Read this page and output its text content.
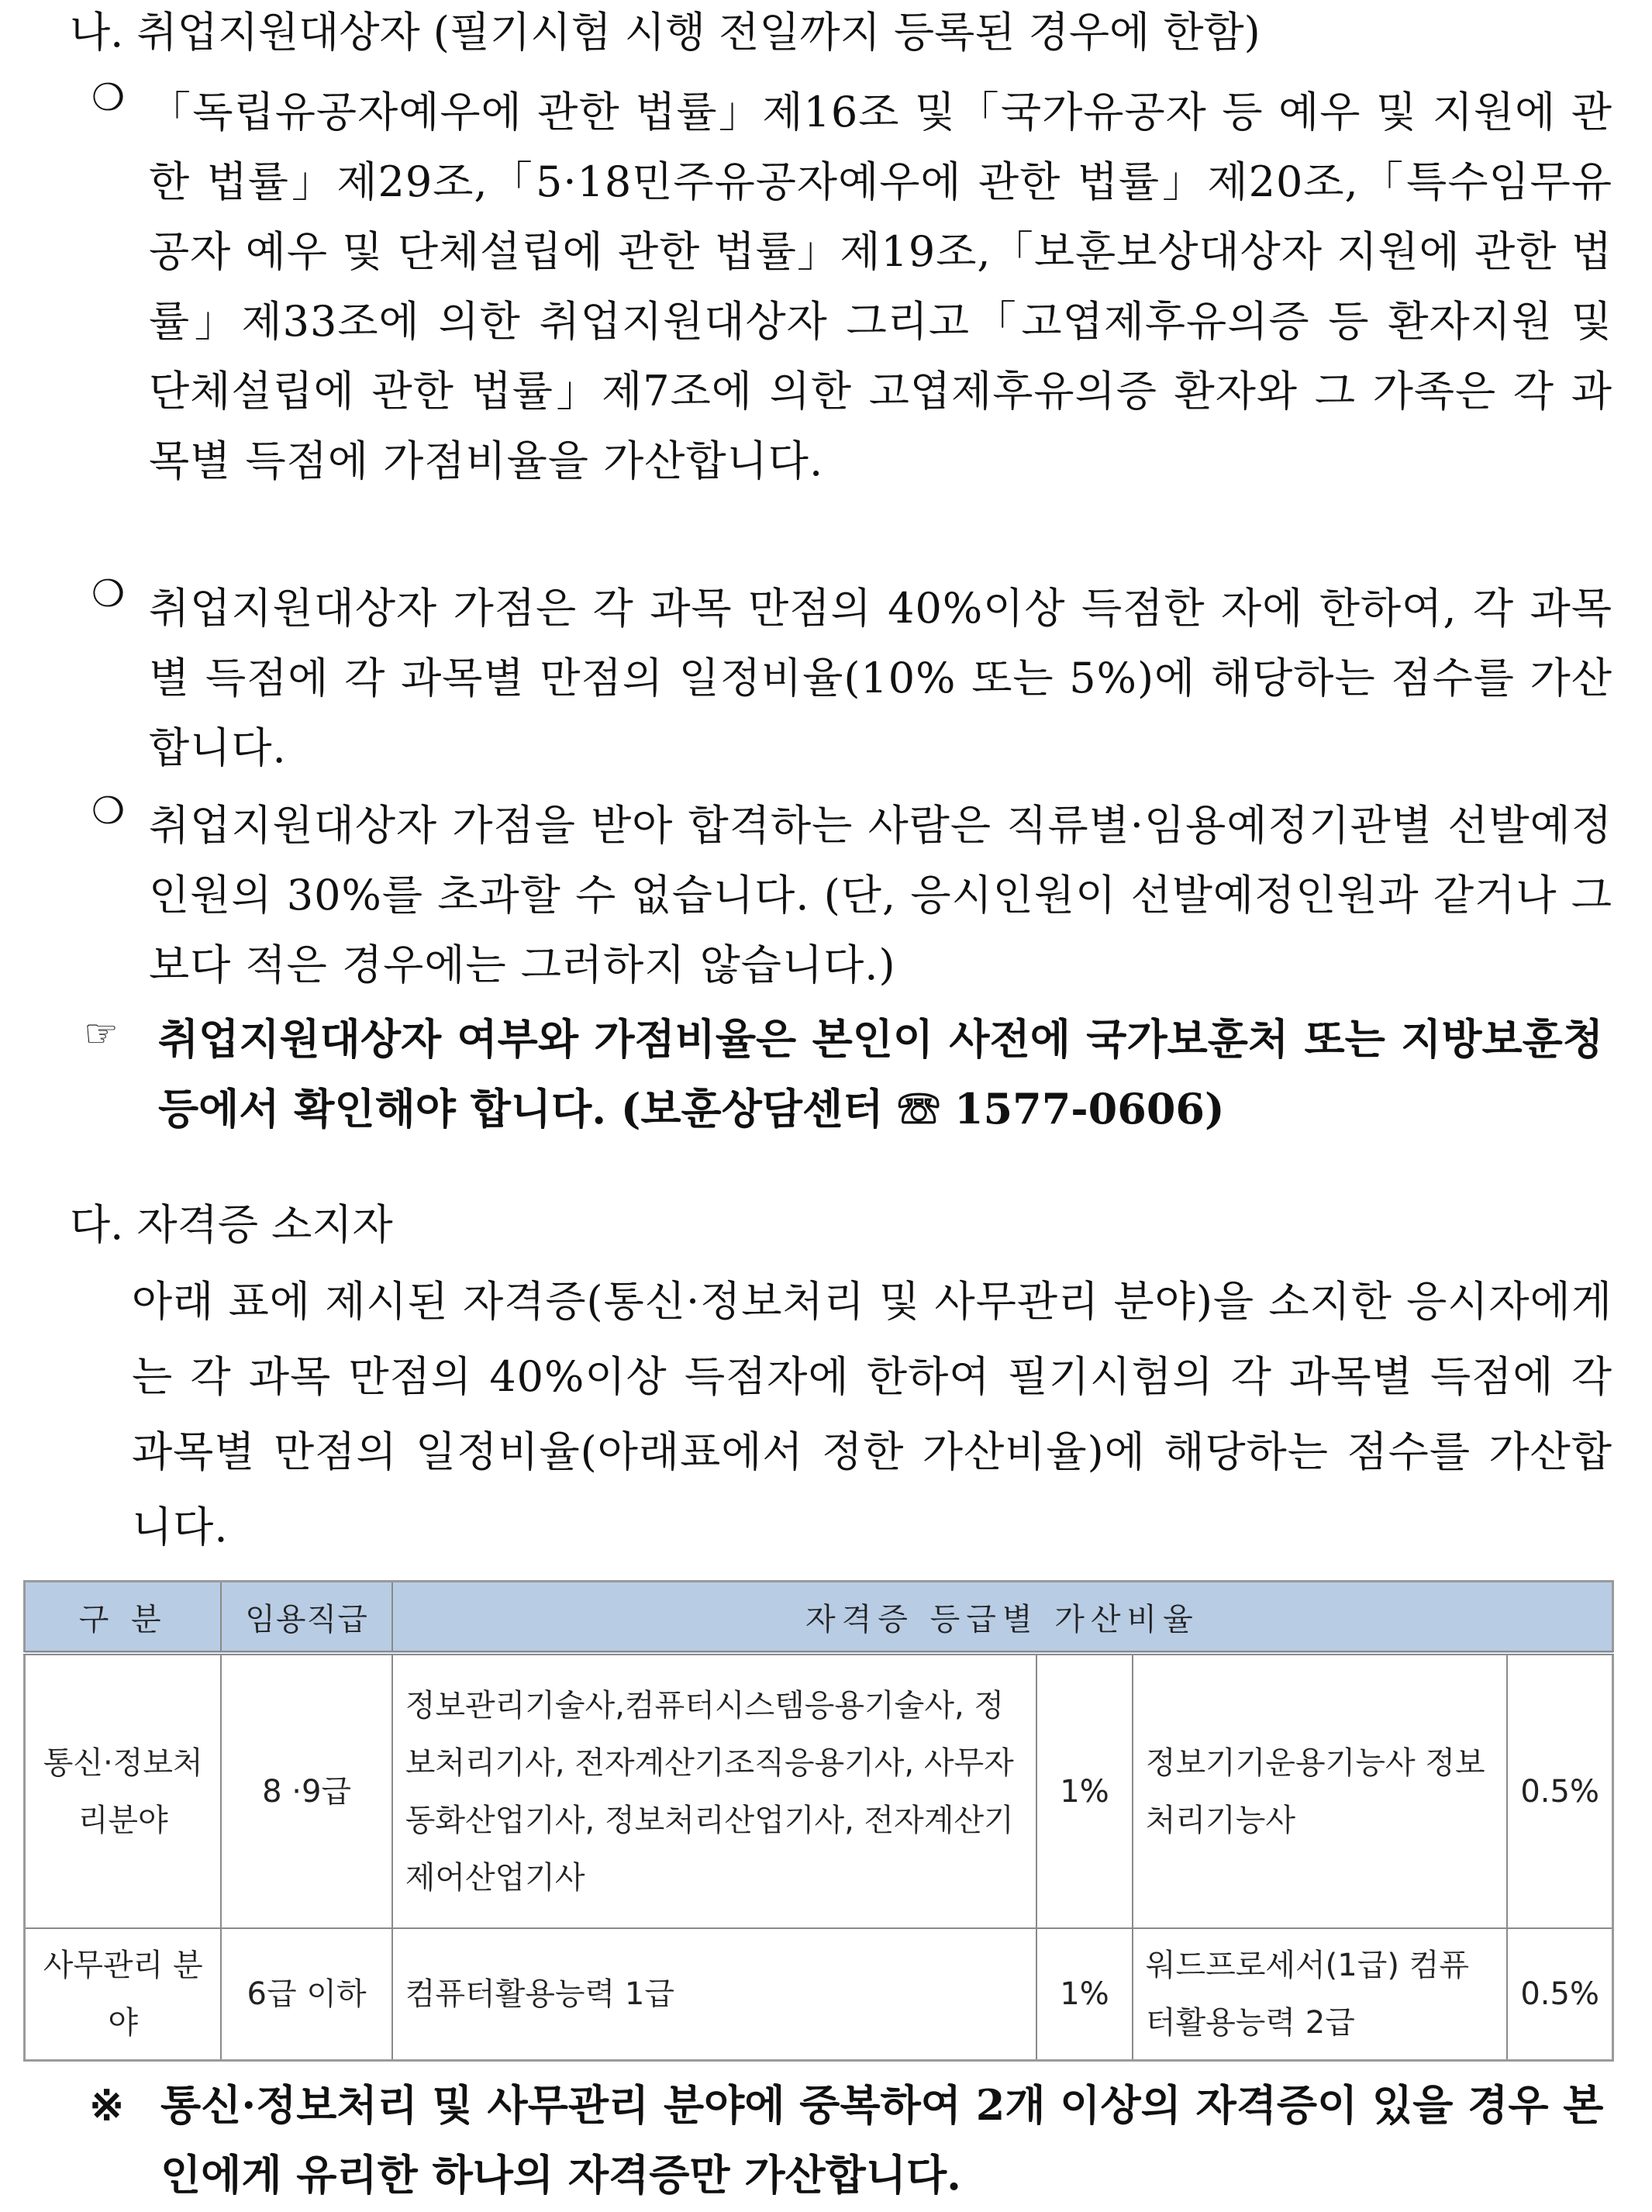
나. 취업지원대상자 (필기시험 시행 전일까지 등록된 경우에 한함)
❍ 「독립유공자예우에 관한 법률」제16조 및「국가유공자 등 예우 및 지원에 관한 법률」제29조,「5·18민주유공자예우에 관한 법률」제20조,「특수임무유공자 예우 및 단체설립에 관한 법률」제19조,「보훈보상대상자 지원에 관한 법률」제33조에 의한 취업지원대상자 그리고「고엽제후유의증 등 환자지원 및 단체설립에 관한 법률」제7조에 의한 고엽제후유의증 환자와 그 가족은 각 과목별 득점에 가점비율을 가산합니다.
❍ 취업지원대상자 가점은 각 과목 만점의 40%이상 득점한 자에 한하여, 각 과목별 득점에 각 과목별 만점의 일정비율(10% 또는 5%)에 해당하는 점수를 가산합니다.
❍ 취업지원대상자 가점을 받아 합격하는 사람은 직류별·임용예정기관별 선발예정인원의 30%를 초과할 수 없습니다. (단, 응시인원이 선발예정인원과 같거나 그보다 적은 경우에는 그러하지 않습니다.)
☞ 취업지원대상자 여부와 가점비율은 본인이 사전에 국가보훈처 또는 지방보훈청 등에서 확인해야 합니다. (보훈상담센터 ☏ 1577-0606)
다. 자격증 소지자
아래 표에 제시된 자격증(통신·정보처리 및 사무관리 분야)을 소지한 응시자에게는 각 과목 만점의 40%이상 득점자에 한하여 필기시험의 각 과목별 득점에 각 과목별 만점의 일정비율(아래표에서 정한 가산비율)에 해당하는 점수를 가산합니다.
구 분	임용직급	자격증 등급별 가산비율			
통신·정보처리분야	8 ·9급	정보관리기술사,컴퓨터시스템응용기술사, 정보처리기사, 전자계산기조직응용기사, 사무자동화산업기사, 정보처리산업기사, 전자계산기제어산업기사	1%	정보기기운용기능사 정보처리기능사	0.5%
사무관리 분 야	6급 이하	컴퓨터활용능력 1급	1%	워드프로세서(1급) 컴퓨터활용능력 2급	0.5%
※ 통신·정보처리 및 사무관리 분야에 중복하여 2개 이상의 자격증이 있을 경우 본인에게 유리한 하나의 자격증만 가산합니다.
